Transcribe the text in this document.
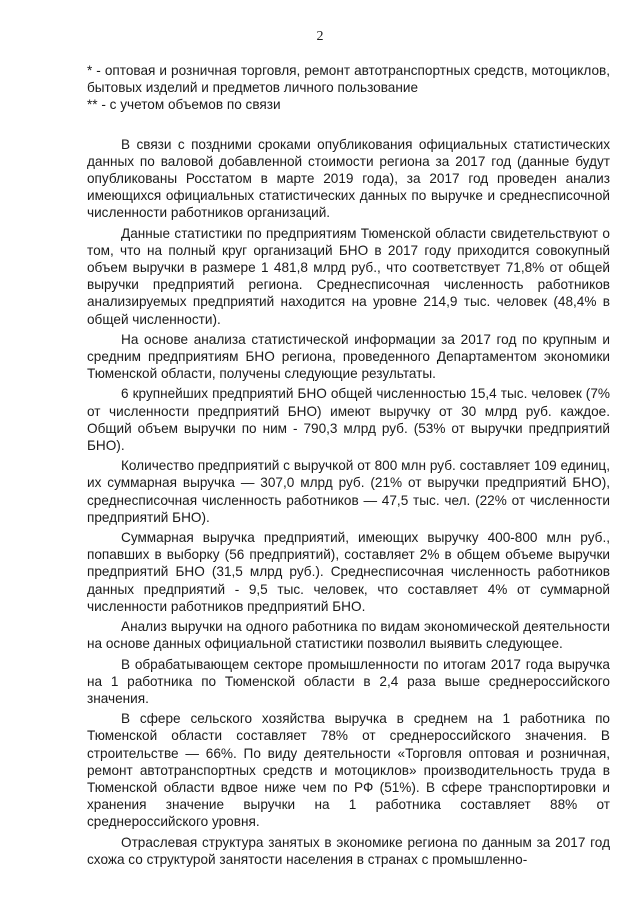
2

* - оптовая и розничная торговля, ремонт автотранспортных средств, мотоциклов, бытовых изделий и предметов личного пользование

** - с учетом объемов по связи

В связи с поздними сроками опубликования официальных статистических данных по валовой добавленной стоимости региона за 2017 год (данные будут опубликованы Росстатом в марте 2019 года), за 2017 год проведен анализ имеющихся официальных статистических данных по выручке и среднесписочной численности работников организаций.

Данные статистики по предприятиям Тюменской области свидетельствуют о том, что на полный круг организаций БНО в 2017 году приходится совокупный объем выручки в размере 1 481,8 млрд руб., что соответствует 71,8% от общей выручки предприятий региона. Среднесписочная численность работников анализируемых предприятий находится на уровне 214,9 тыс. человек (48,4% в общей численности).

На основе анализа статистической информации за 2017 год по крупным и средним предприятиям БНО региона, проведенного Департаментом экономики Тюменской области, получены следующие результаты.

6 крупнейших предприятий БНО общей численностью 15,4 тыс. человек (7% от численности предприятий БНО) имеют выручку от 30 млрд руб. каждое. Общий объем выручки по ним - 790,3 млрд руб. (53% от выручки предприятий БНО).

Количество предприятий с выручкой от 800 млн руб. составляет 109 единиц, их суммарная выручка — 307,0 млрд руб. (21% от выручки предприятий БНО), среднесписочная численность работников — 47,5 тыс. чел. (22% от численности предприятий БНО).

Суммарная выручка предприятий, имеющих выручку 400-800 млн руб., попавших в выборку (56 предприятий), составляет 2% в общем объеме выручки предприятий БНО (31,5 млрд руб.). Среднесписочная численность работников данных предприятий - 9,5 тыс. человек, что составляет 4% от суммарной численности работников предприятий БНО.

Анализ выручки на одного работника по видам экономической деятельности на основе данных официальной статистики позволил выявить следующее.

В обрабатывающем секторе промышленности по итогам 2017 года выручка на 1 работника по Тюменской области в 2,4 раза выше среднероссийского значения.

В сфере сельского хозяйства выручка в среднем на 1 работника по Тюменской области составляет 78% от среднероссийского значения. В строительстве — 66%. По виду деятельности «Торговля оптовая и розничная, ремонт автотранспортных средств и мотоциклов» производительность труда в Тюменской области вдвое ниже чем по РФ (51%). В сфере транспортировки и хранения значение выручки на 1 работника составляет 88% от среднероссийского уровня.

Отраслевая структура занятых в экономике региона по данным за 2017 год схожа со структурой занятости населения в странах с промышленно-
